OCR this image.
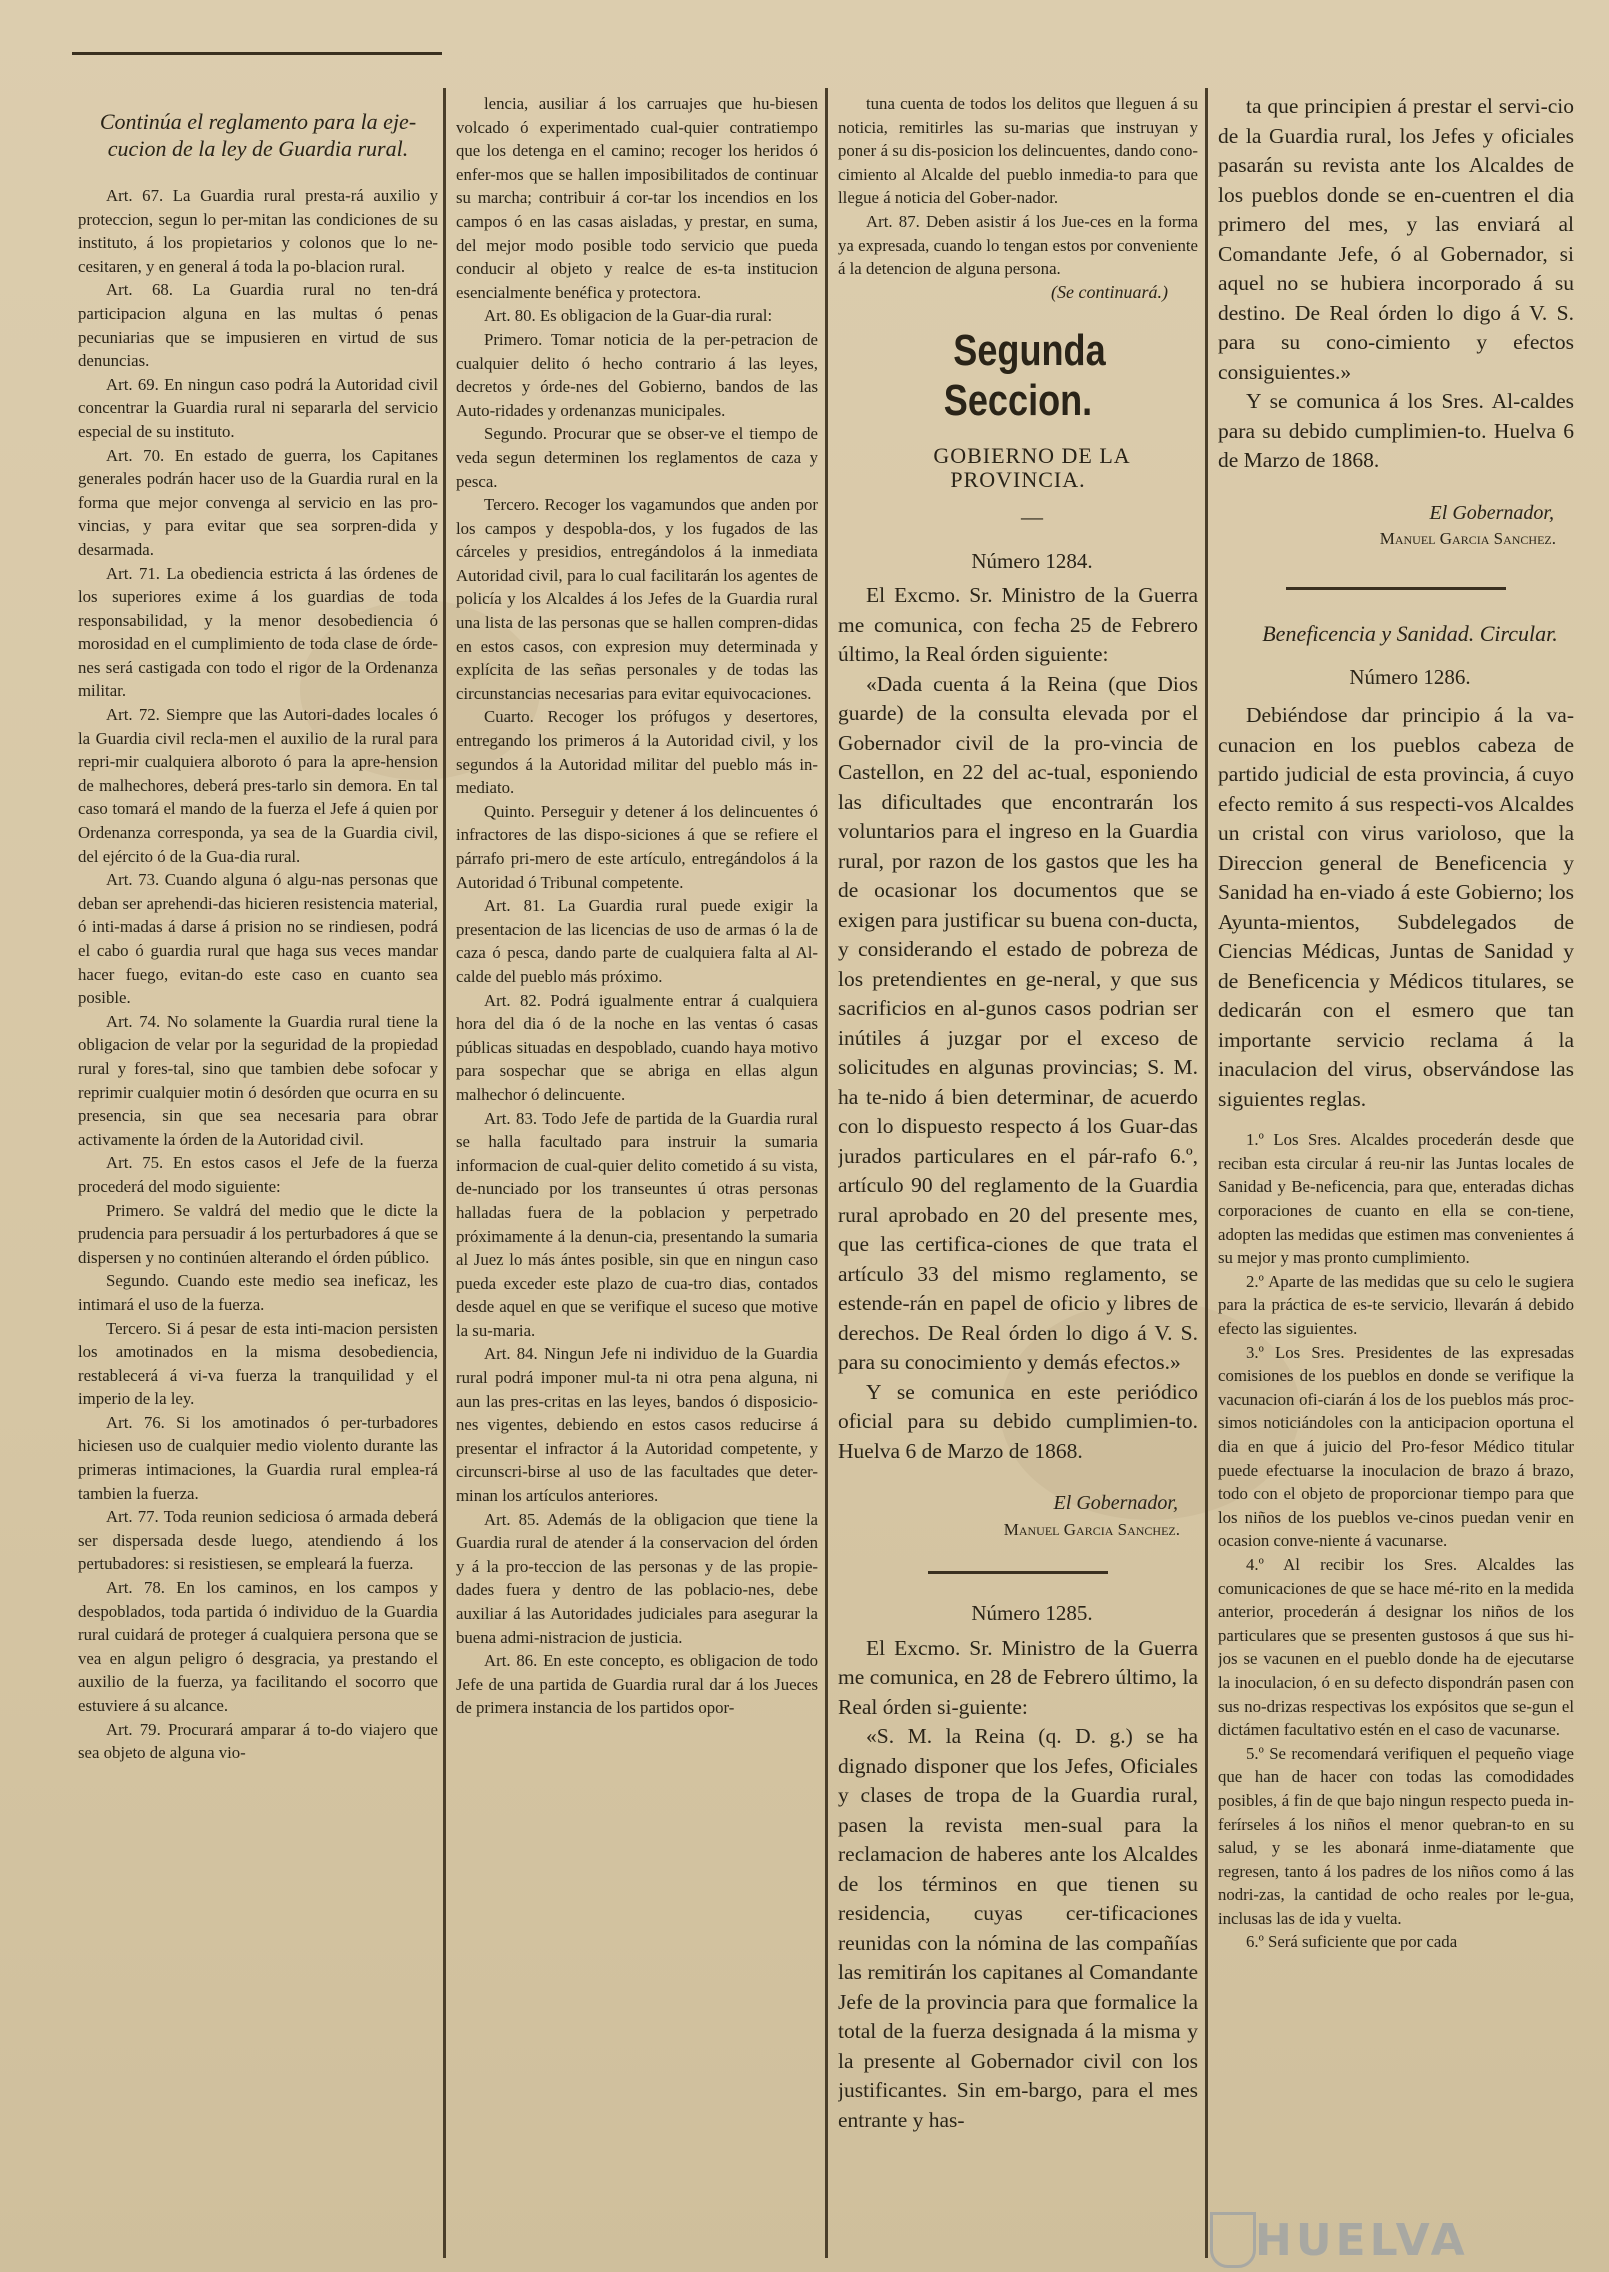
Continúa el reglamento para la eje-cucion de la ley de Guardia rural.

Art. 67. La Guardia rural presta-rá auxilio y proteccion, segun lo per-mitan las condiciones de su instituto, á los propietarios y colonos que lo ne-cesitaren, y en general á toda la po-blacion rural.

Art. 68. La Guardia rural no ten-drá participacion alguna en las multas ó penas pecuniarias que se impusieren en virtud de sus denuncias.

Art. 69. En ningun caso podrá la Autoridad civil concentrar la Guardia rural ni separarla del servicio especial de su instituto.

Art. 70. En estado de guerra, los Capitanes generales podrán hacer uso de la Guardia rural en la forma que mejor convenga al servicio en las pro-vincias, y para evitar que sea sorpren-dida y desarmada.

Art. 71. La obediencia estricta á las órdenes de los superiores exime á los guardias de toda responsabilidad, y la menor desobediencia ó morosidad en el cumplimiento de toda clase de órde-nes será castigada con todo el rigor de la Ordenanza militar.

Art. 72. Siempre que las Autori-dades locales ó la Guardia civil recla-men el auxilio de la rural para repri-mir cualquiera alboroto ó para la apre-hension de malhechores, deberá pres-tarlo sin demora. En tal caso tomará el mando de la fuerza el Jefe á quien por Ordenanza corresponda, ya sea de la Guardia civil, del ejército ó de la Gua-dia rural.

Art. 73. Cuando alguna ó algu-nas personas que deban ser aprehendi-das hicieren resistencia material, ó inti-madas á darse á prision no se rindiesen, podrá el cabo ó guardia rural que haga sus veces mandar hacer fuego, evitan-do este caso en cuanto sea posible.

Art. 74. No solamente la Guardia rural tiene la obligacion de velar por la seguridad de la propiedad rural y fores-tal, sino que tambien debe sofocar y reprimir cualquier motin ó desórden que ocurra en su presencia, sin que sea necesaria para obrar activamente la órden de la Autoridad civil.

Art. 75. En estos casos el Jefe de la fuerza procederá del modo siguiente:

Primero. Se valdrá del medio que le dicte la prudencia para persuadir á los perturbadores á que se dispersen y no continúen alterando el órden público.

Segundo. Cuando este medio sea ineficaz, les intimará el uso de la fuerza.

Tercero. Si á pesar de esta inti-macion persisten los amotinados en la misma desobediencia, restablecerá á vi-va fuerza la tranquilidad y el imperio de la ley.

Art. 76. Si los amotinados ó per-turbadores hiciesen uso de cualquier medio violento durante las primeras intimaciones, la Guardia rural emplea-rá tambien la fuerza.

Art. 77. Toda reunion sediciosa ó armada deberá ser dispersada desde luego, atendiendo á los pertubadores: si resistiesen, se empleará la fuerza.

Art. 78. En los caminos, en los campos y despoblados, toda partida ó individuo de la Guardia rural cuidará de proteger á cualquiera persona que se vea en algun peligro ó desgracia, ya prestando el auxilio de la fuerza, ya facilitando el socorro que estuviere á su alcance.

Art. 79. Procurará amparar á to-do viajero que sea objeto de alguna vio-

lencia, ausiliar á los carruajes que hu-biesen volcado ó experimentado cual-quier contratiempo que los detenga en el camino; recoger los heridos ó enfer-mos que se hallen imposibilitados de continuar su marcha; contribuir á cor-tar los incendios en los campos ó en las casas aisladas, y prestar, en suma, del mejor modo posible todo servicio que pueda conducir al objeto y realce de es-ta institucion esencialmente benéfica y protectora.

Art. 80. Es obligacion de la Guar-dia rural:

Primero. Tomar noticia de la per-petracion de cualquier delito ó hecho contrario á las leyes, decretos y órde-nes del Gobierno, bandos de las Auto-ridades y ordenanzas municipales.

Segundo. Procurar que se obser-ve el tiempo de veda segun determinen los reglamentos de caza y pesca.

Tercero. Recoger los vagamundos que anden por los campos y despobla-dos, y los fugados de las cárceles y presidios, entregándolos á la inmediata Autoridad civil, para lo cual facilitarán los agentes de policía y los Alcaldes á los Jefes de la Guardia rural una lista de las personas que se hallen compren-didas en estos casos, con expresion muy determinada y explícita de las señas personales y de todas las circunstancias necesarias para evitar equivocaciones.

Cuarto. Recoger los prófugos y desertores, entregando los primeros á la Autoridad civil, y los segundos á la Autoridad militar del pueblo más in-mediato.

Quinto. Perseguir y detener á los delincuentes ó infractores de las dispo-siciones á que se refiere el párrafo pri-mero de este artículo, entregándolos á la Autoridad ó Tribunal competente.

Art. 81. La Guardia rural puede exigir la presentacion de las licencias de uso de armas ó la de caza ó pesca, dando parte de cualquiera falta al Al-calde del pueblo más próximo.

Art. 82. Podrá igualmente entrar á cualquiera hora del dia ó de la noche en las ventas ó casas públicas situadas en despoblado, cuando haya motivo para sospechar que se abriga en ellas algun malhechor ó delincuente.

Art. 83. Todo Jefe de partida de la Guardia rural se halla facultado para instruir la sumaria informacion de cual-quier delito cometido á su vista, de-nunciado por los transeuntes ú otras personas halladas fuera de la poblacion y perpetrado próximamente á la denun-cia, presentando la sumaria al Juez lo más ántes posible, sin que en ningun caso pueda exceder este plazo de cua-tro dias, contados desde aquel en que se verifique el suceso que motive la su-maria.

Art. 84. Ningun Jefe ni individuo de la Guardia rural podrá imponer mul-ta ni otra pena alguna, ni aun las pres-critas en las leyes, bandos ó disposicio-nes vigentes, debiendo en estos casos reducirse á presentar el infractor á la Autoridad competente, y circunscri-birse al uso de las facultades que deter-minan los artículos anteriores.

Art. 85. Además de la obligacion que tiene la Guardia rural de atender á la conservacion del órden y á la pro-teccion de las personas y de las propie-dades fuera y dentro de las poblacio-nes, debe auxiliar á las Autoridades judiciales para asegurar la buena admi-nistracion de justicia.

Art. 86. En este concepto, es obligacion de todo Jefe de una partida de Guardia rural dar á los Jueces de primera instancia de los partidos opor-

tuna cuenta de todos los delitos que lleguen á su noticia, remitirles las su-marias que instruyan y poner á su dis-posicion los delincuentes, dando cono-cimiento al Alcalde del pueblo inmedia-to para que llegue á noticia del Gober-nador.

Art. 87. Deben asistir á los Jue-ces en la forma ya expresada, cuando lo tengan estos por conveniente á la detencion de alguna persona.

(Se continuará.)

Segunda Seccion.

GOBIERNO DE LA PROVINCIA.

—

Número 1284.

El Excmo. Sr. Ministro de la Guerra me comunica, con fecha 25 de Febrero último, la Real órden siguiente:

«Dada cuenta á la Reina (que Dios guarde) de la consulta elevada por el Gobernador civil de la pro-vincia de Castellon, en 22 del ac-tual, esponiendo las dificultades que encontrarán los voluntarios para el ingreso en la Guardia rural, por razon de los gastos que les ha de ocasionar los documentos que se exigen para justificar su buena con-ducta, y considerando el estado de pobreza de los pretendientes en ge-neral, y que sus sacrificios en al-gunos casos podrian ser inútiles á juzgar por el exceso de solicitudes en algunas provincias; S. M. ha te-nido á bien determinar, de acuerdo con lo dispuesto respecto á los Guar-das jurados particulares en el pár-rafo 6.º, artículo 90 del reglamento de la Guardia rural aprobado en 20 del presente mes, que las certifica-ciones de que trata el artículo 33 del mismo reglamento, se estende-rán en papel de oficio y libres de derechos. De Real órden lo digo á V. S. para su conocimiento y demás efectos.»

Y se comunica en este periódico oficial para su debido cumplimien-to. Huelva 6 de Marzo de 1868.

El Gobernador,

Manuel Garcia Sanchez.

Número 1285.

El Excmo. Sr. Ministro de la Guerra me comunica, en 28 de Febrero último, la Real órden si-guiente:

«S. M. la Reina (q. D. g.) se ha dignado disponer que los Jefes, Oficiales y clases de tropa de la Guardia rural, pasen la revista men-sual para la reclamacion de haberes ante los Alcaldes de los términos en que tienen su residencia, cuyas cer-tificaciones reunidas con la nómina de las compañías las remitirán los capitanes al Comandante Jefe de la provincia para que formalice la total de la fuerza designada á la misma y la presente al Gobernador civil con los justificantes. Sin em-bargo, para el mes entrante y has-

ta que principien á prestar el servi-cio de la Guardia rural, los Jefes y oficiales pasarán su revista ante los Alcaldes de los pueblos donde se en-cuentren el dia primero del mes, y las enviará al Comandante Jefe, ó al Gobernador, si aquel no se hubiera incorporado á su destino. De Real órden lo digo á V. S. para su cono-cimiento y efectos consiguientes.»

Y se comunica á los Sres. Al-caldes para su debido cumplimien-to. Huelva 6 de Marzo de 1868.

El Gobernador,

Manuel Garcia Sanchez.

Beneficencia y Sanidad. Circular.

Número 1286.

Debiéndose dar principio á la va-cunacion en los pueblos cabeza de partido judicial de esta provincia, á cuyo efecto remito á sus respecti-vos Alcaldes un cristal con virus varioloso, que la Direccion general de Beneficencia y Sanidad ha en-viado á este Gobierno; los Ayunta-mientos, Subdelegados de Ciencias Médicas, Juntas de Sanidad y de Beneficencia y Médicos titulares, se dedicarán con el esmero que tan importante servicio reclama á la inaculacion del virus, observándose las siguientes reglas.

1.º Los Sres. Alcaldes procederán desde que reciban esta circular á reu-nir las Juntas locales de Sanidad y Be-neficencia, para que, enteradas dichas corporaciones de cuanto en ella se con-tiene, adopten las medidas que estimen mas convenientes á su mejor y mas pronto cumplimiento.

2.º Aparte de las medidas que su celo le sugiera para la práctica de es-te servicio, llevarán á debido efecto las siguientes.

3.º Los Sres. Presidentes de las expresadas comisiones de los pueblos en donde se verifique la vacunacion ofi-ciarán á los de los pueblos más proc-simos noticiándoles con la anticipacion oportuna el dia en que á juicio del Pro-fesor Médico titular puede efectuarse la inoculacion de brazo á brazo, todo con el objeto de proporcionar tiempo para que los niños de los pueblos ve-cinos puedan venir en ocasion conve-niente á vacunarse.

4.º Al recibir los Sres. Alcaldes las comunicaciones de que se hace mé-rito en la medida anterior, procederán á designar los niños de los particulares que se presenten gustosos á que sus hi-jos se vacunen en el pueblo donde ha de ejecutarse la inoculacion, ó en su defecto dispondrán pasen con sus no-drizas respectivas los expósitos que se-gun el dictámen facultativo estén en el caso de vacunarse.

5.º Se recomendará verifiquen el pequeño viage que han de hacer con todas las comodidades posibles, á fin de que bajo ningun respecto pueda in-ferírseles á los niños el menor quebran-to en su salud, y se les abonará inme-diatamente que regresen, tanto á los padres de los niños como á las nodri-zas, la cantidad de ocho reales por le-gua, inclusas las de ida y vuelta.

6.º Será suficiente que por cada

HUELVA
